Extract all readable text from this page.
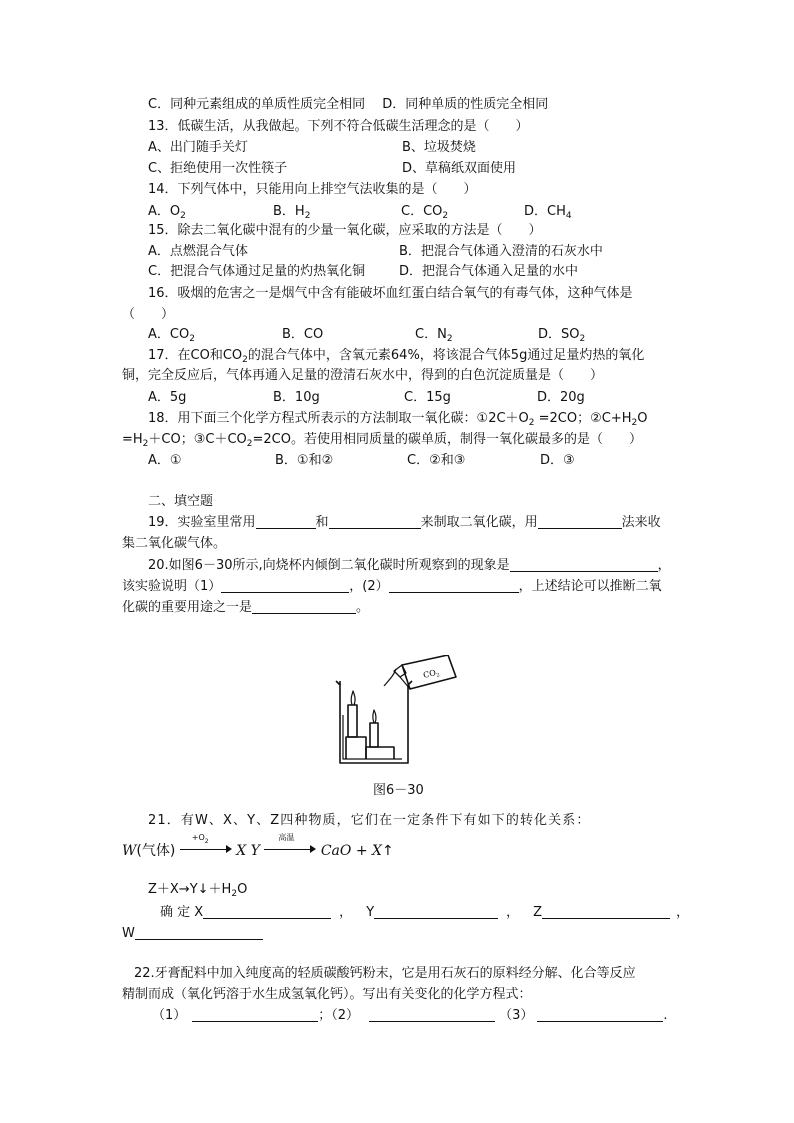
C．同种元素组成的单质性质完全相同　 D．同种单质的性质完全相同
13．低碳生活，从我做起。下列不符合低碳生活理念的是（　　）
A、出门随手关灯	B、垃圾焚烧
C、拒绝使用一次性筷子	D、草稿纸双面使用
14．下列气体中，只能用向上排空气法收集的是（　　）
A．$O_2$	B．$H_2$	C．$CO_2$	D．$CH_4$
15．除去二氧化碳中混有的少量一氧化碳，应采取的方法是（　　）
A．点燃混合气体	B．把混合气体通入澄清的石灰水中
C．把混合气体通过足量的灼热氧化铜	D．把混合气体通入足量的水中
16．吸烟的危害之一是烟气中含有能破坏血红蛋白结合氧气的有毒气体，这种气体是
（　　）
A．$CO_2$	B．CO	C．$N_2$	D．$SO_2$
17．在CO和$CO_2$的混合气体中，含氧元素64%，将该混合气体5g通过足量灼热的氧化
铜，完全反应后，气体再通入足量的澄清石灰水中，得到的白色沉淀质量是（　　）
A．5g	B．10g	C．15g	D．20g
18．用下面三个化学方程式所表示的方法制取一氧化碳：$①2C+O_2 =2CO$；$②C+H_2O$
$=H_2+CO$；$③C+CO_2=2CO$。若使用相同质量的碳单质，制得一氧化碳最多的是（　　）
A．①	B．①和②	C．②和③	D．③
二、填空题
19．实验室里常用	和	来制取二氧化碳，用	法来收
集二氧化碳气体。
20.如图6－30所示,向烧杯内倾倒二氧化碳时所观察到的现象是	，
该实验说明（1）	，(2）	，上述结论可以推断二氧
化碳的重要用途之一是	。
$CO_2$
图6－30
21．有W、X、Y、Z四种物质，它们在一定条件下有如下的转化关系：
W(气体)
$+O_2$
X Y
高温
CaO + X↑
$Z+X\to Y↓+H_2O$
确 定 X	， Y	， Z	，
W
22.牙膏配料中加入纯度高的轻质碳酸钙粉末，它是用石灰石的原料经分解、化合等反应
精制而成（氧化钙溶于水生成氢氧化钙）。写出有关变化的化学方程式：
（1）	；（2）	（3）	.
